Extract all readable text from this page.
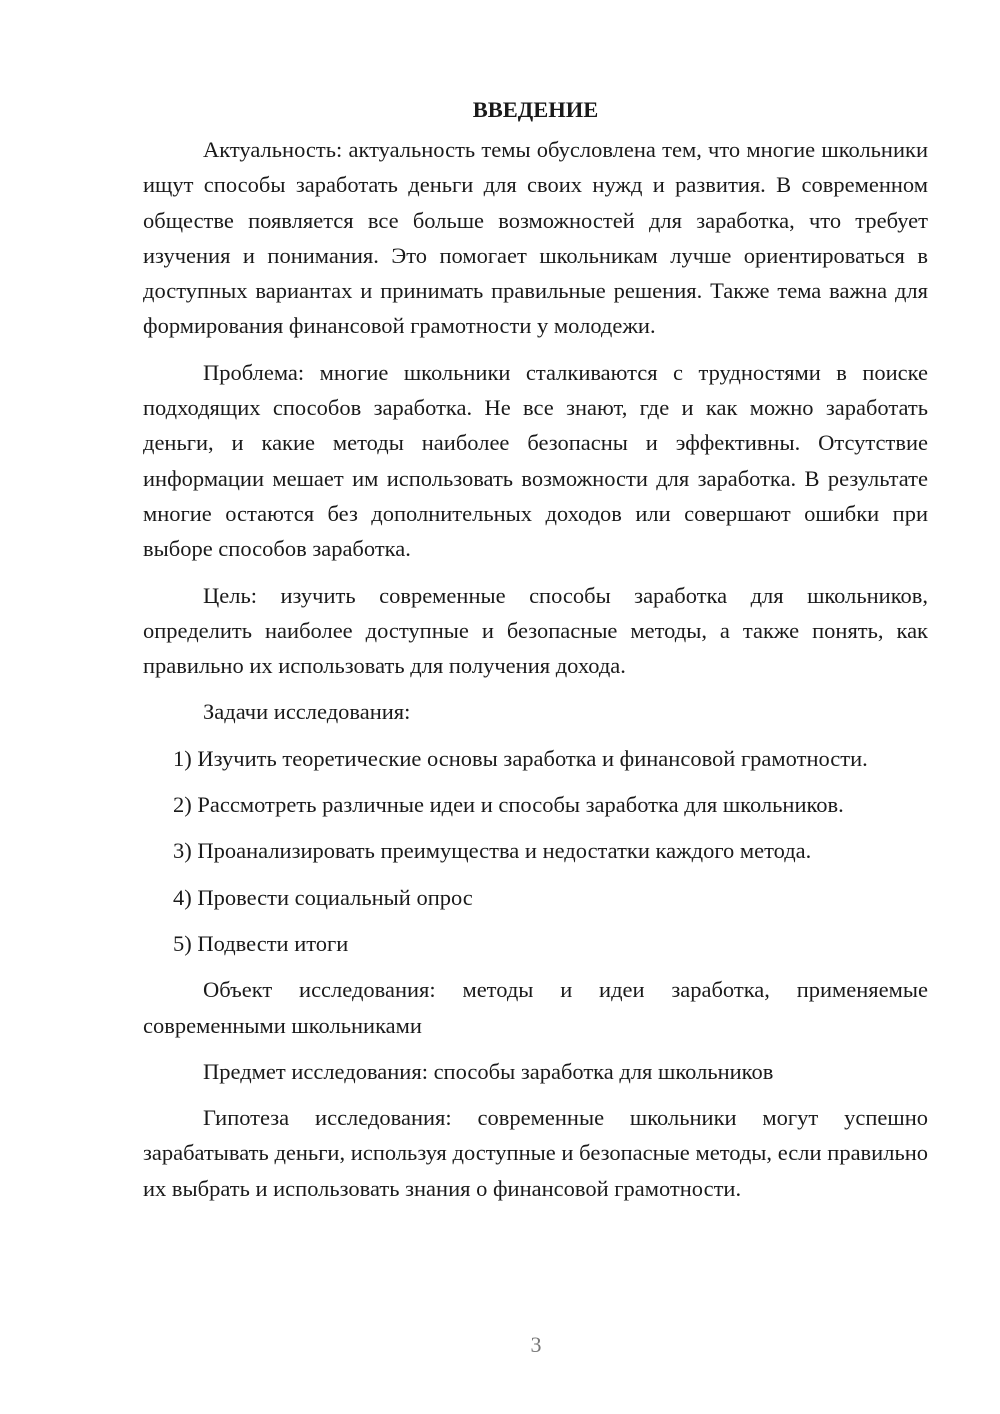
ВВЕДЕНИЕ

Актуальность: актуальность темы обусловлена тем, что многие школьники ищут способы заработать деньги для своих нужд и развития. В современном обществе появляется все больше возможностей для заработка, что требует изучения и понимания. Это помогает школьникам лучше ориентироваться в доступных вариантах и принимать правильные решения. Также тема важна для формирования финансовой грамотности у молодежи.

Проблема: многие школьники сталкиваются с трудностями в поиске подходящих способов заработка. Не все знают, где и как можно заработать деньги, и какие методы наиболее безопасны и эффективны. Отсутствие информации мешает им использовать возможности для заработка. В результате многие остаются без дополнительных доходов или совершают ошибки при выборе способов заработка.

Цель: изучить современные способы заработка для школьников, определить наиболее доступные и безопасные методы, а также понять, как правильно их использовать для получения дохода.

Задачи исследования:

1) Изучить теоретические основы заработка и финансовой грамотности.

2) Рассмотреть различные идеи и способы заработка для школьников.

3) Проанализировать преимущества и недостатки каждого метода.

4) Провести социальный опрос

5) Подвести итоги

Объект исследования: методы и идеи заработка, применяемые современными школьниками

Предмет исследования: способы заработка для школьников

Гипотеза исследования: современные школьники могут успешно зарабатывать деньги, используя доступные и безопасные методы, если правильно их выбрать и использовать знания о финансовой грамотности.

3
